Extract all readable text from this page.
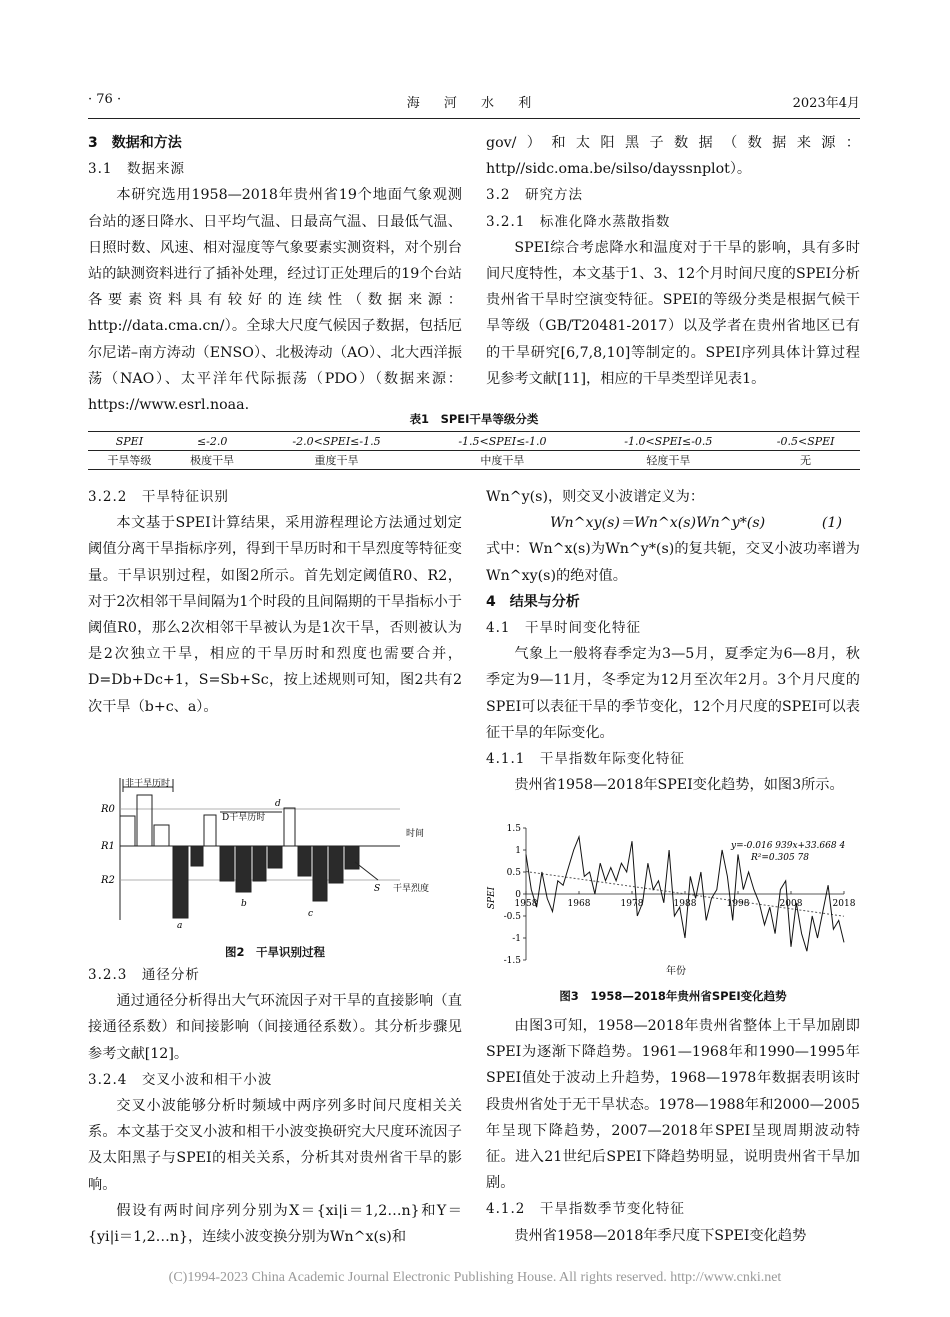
· 76 ·	海 河 水 利	2023年4月
3　数据和方法
3.1　数据来源

本研究选用1958—2018年贵州省19个地面气象观测台站的逐日降水、日平均气温、日最高气温、日最低气温、日照时数、风速、相对湿度等气象要素实测资料，对个别台站的缺测资料进行了插补处理，经过订正处理后的19个台站各要素资料具有较好的连续性（数据来源：http://data.cma.cn/）。全球大尺度气候因子数据，包括厄尔尼诺–南方涛动（ENSO）、北极涛动（AO）、北大西洋振荡（NAO）、太平洋年代际振荡（PDO）（数据来源：https://www.esrl.noaa.

gov/）和太阳黑子数据（数据来源：http//sidc.oma.be/silso/dayssnplot）。

3.2　研究方法
3.2.1　标准化降水蒸散指数

SPEI综合考虑降水和温度对于干旱的影响，具有多时间尺度特性，本文基于1、3、12个月时间尺度的SPEI分析贵州省干旱时空演变特征。SPEI的等级分类是根据气候干旱等级（GB/T20481-2017）以及学者在贵州省地区已有的干旱研究[6,7,8,10]等制定的。SPEI序列具体计算过程见参考文献[11]，相应的干旱类型详见表1。

表1　SPEI干旱等级分类
SPEI	≤-2.0	-2.0<SPEI≤-1.5	-1.5<SPEI≤-1.0	-1.0<SPEI≤-0.5	-0.5<SPEI
干旱等级	极度干旱	重度干旱	中度干旱	轻度干旱	无
3.2.2　干旱特征识别

本文基于SPEI计算结果，采用游程理论方法通过划定阈值分离干旱指标序列，得到干旱历时和干旱烈度等特征变量。干旱识别过程，如图2所示。首先划定阈值R0、R2，对于2次相邻干旱间隔为1个时段的且间隔期的干旱指标小于阈值R0，那么2次相邻干旱被认为是1次干旱，否则被认为是2次独立干旱，相应的干旱历时和烈度也需要合并，D=Db+Dc+1，S=Sb+Sc，按上述规则可知，图2共有2次干旱（b+c、a）。

R0
R1
R2
非干旱历时
D干旱历时
时间
干旱烈度
S
a
b
c
d
图2　干旱识别过程
3.2.3　通径分析

通过通径分析得出大气环流因子对干旱的直接影响（直接通径系数）和间接影响（间接通径系数）。其分析步骤见参考文献[12]。

3.2.4　交叉小波和相干小波

交叉小波能够分析时频域中两序列多时间尺度相关关系。本文基于交叉小波和相干小波变换研究大尺度环流因子及太阳黑子与SPEI的相关关系，分析其对贵州省干旱的影响。

假设有两时间序列分别为X＝{xi|i＝1,2…n}和Y＝{yi|i＝1,2…n}，连续小波变换分别为Wn^x(s)和

Wn^y(s)，则交叉小波谱定义为：

Wn^xy(s)＝Wn^x(s)Wn^y*(s)　　　　(1)

式中：Wn^x(s)为Wn^y*(s)的复共轭，交叉小波功率谱为Wn^xy(s)的绝对值。

4　结果与分析
4.1　干旱时间变化特征

气象上一般将春季定为3—5月，夏季定为6—8月，秋季定为9—11月，冬季定为12月至次年2月。3个月尺度的SPEI可以表征干旱的季节变化，12个月尺度的SPEI可以表征干旱的年际变化。

4.1.1　干旱指数年际变化特征

贵州省1958—2018年SPEI变化趋势，如图3所示。

1.5
1
0.5
0
-0.5
-1
-1.5
1958	1968	1978	1988	1998	2008	2018
y=-0.016 939x+33.668 4
R²=0.305 78
SPEI
年份
图3　1958—2018年贵州省SPEI变化趋势

由图3可知，1958—2018年贵州省整体上干旱加剧即SPEI为逐渐下降趋势。1961—1968年和1990—1995年SPEI值处于波动上升趋势，1968—1978年数据表明该时段贵州省处于无干旱状态。1978—1988年和2000—2005年呈现下降趋势，2007—2018年SPEI呈现周期波动特征。进入21世纪后SPEI下降趋势明显，说明贵州省干旱加剧。

4.1.2　干旱指数季节变化特征

贵州省1958—2018年季尺度下SPEI变化趋势

(C)1994-2023 China Academic Journal Electronic Publishing House. All rights reserved. http://www.cnki.net
